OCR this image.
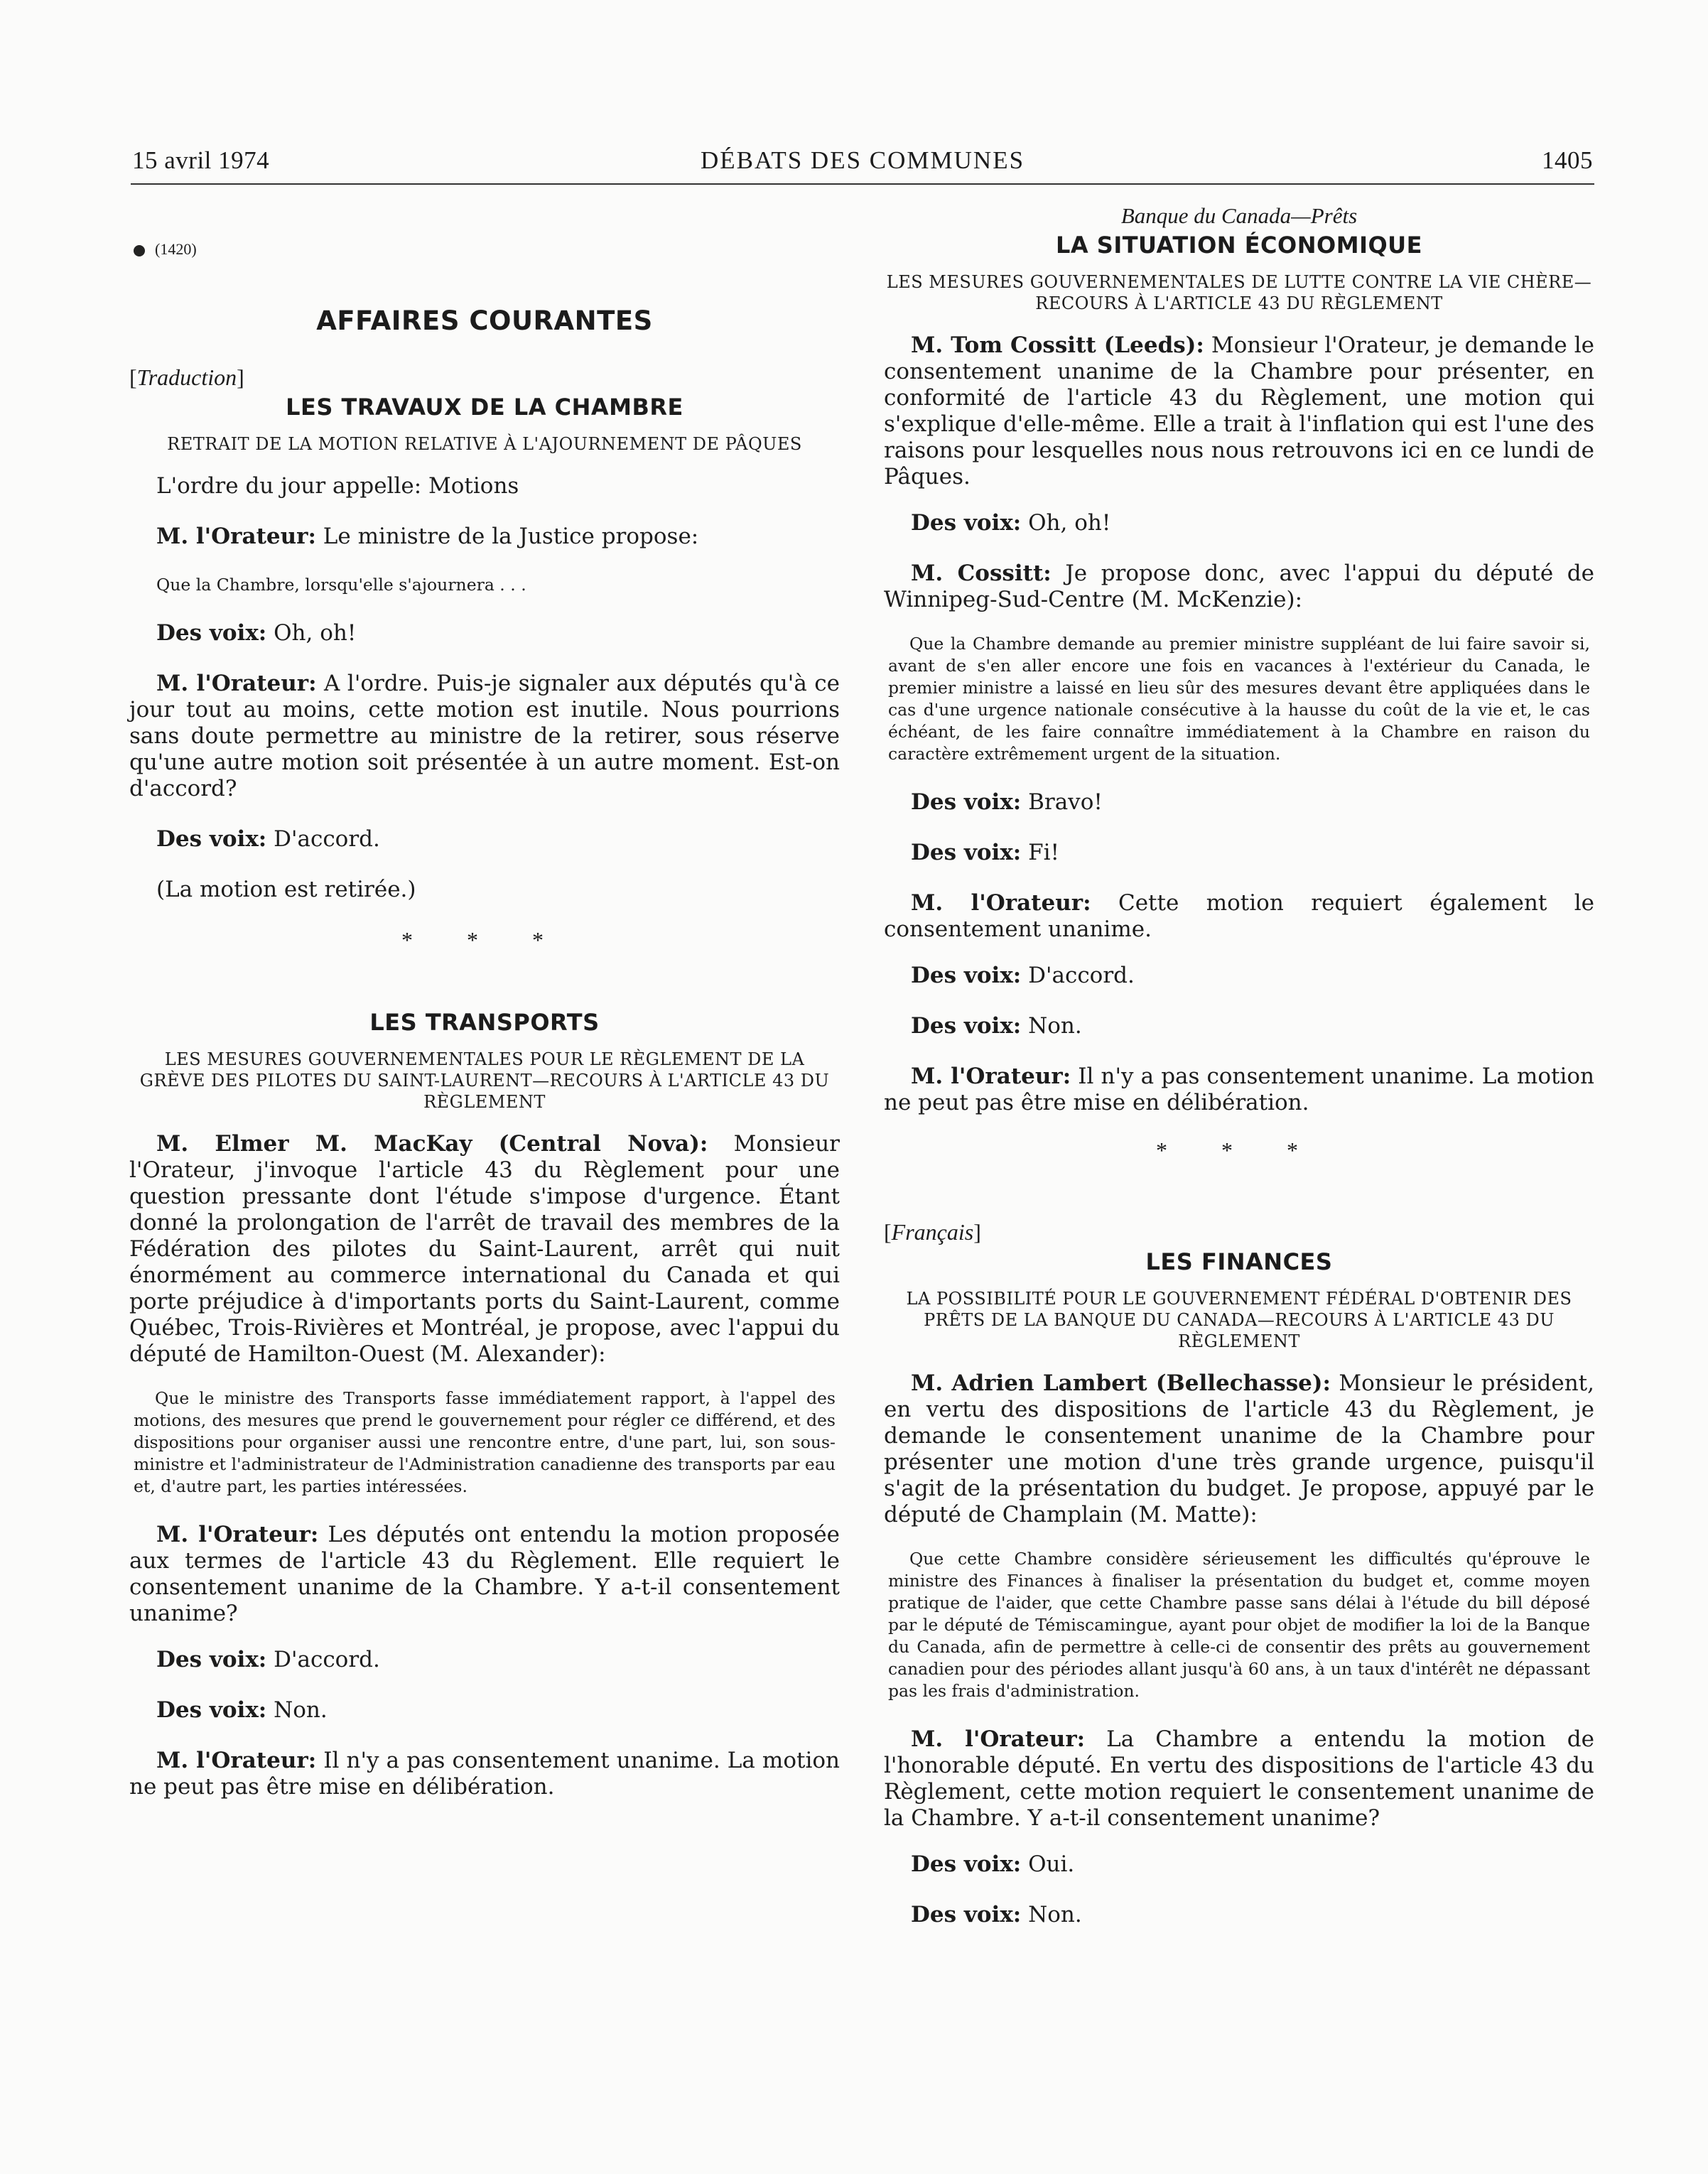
15 avril 1974	DÉBATS DES COMMUNES	1405
(1420)
AFFAIRES COURANTES
[Traduction]
LES TRAVAUX DE LA CHAMBRE
RETRAIT DE LA MOTION RELATIVE À L'AJOURNEMENT DE PÂQUES

L'ordre du jour appelle: Motions

M. l'Orateur: Le ministre de la Justice propose:

Que la Chambre, lorsqu'elle s'ajournera . . .

Des voix: Oh, oh!

M. l'Orateur: A l'ordre. Puis-je signaler aux députés qu'à ce jour tout au moins, cette motion est inutile. Nous pourrions sans doute permettre au ministre de la retirer, sous réserve qu'une autre motion soit présentée à un autre moment. Est-on d'accord?

Des voix: D'accord.

(La motion est retirée.)

* * *
LES TRANSPORTS
LES MESURES GOUVERNEMENTALES POUR LE RÈGLEMENT DE LA GRÈVE DES PILOTES DU SAINT-LAURENT—RECOURS À L'ARTICLE 43 DU RÈGLEMENT

M. Elmer M. MacKay (Central Nova): Monsieur l'Orateur, j'invoque l'article 43 du Règlement pour une question pressante dont l'étude s'impose d'urgence. Étant donné la prolongation de l'arrêt de travail des membres de la Fédération des pilotes du Saint-Laurent, arrêt qui nuit énormément au commerce international du Canada et qui porte préjudice à d'importants ports du Saint-Laurent, comme Québec, Trois-Rivières et Montréal, je propose, avec l'appui du député de Hamilton-Ouest (M. Alexander):

Que le ministre des Transports fasse immédiatement rapport, à l'appel des motions, des mesures que prend le gouvernement pour régler ce différend, et des dispositions pour organiser aussi une rencontre entre, d'une part, lui, son sous-ministre et l'administrateur de l'Administration canadienne des transports par eau et, d'autre part, les parties intéressées.

M. l'Orateur: Les députés ont entendu la motion proposée aux termes de l'article 43 du Règlement. Elle requiert le consentement unanime de la Chambre. Y a-t-il consentement unanime?

Des voix: D'accord.

Des voix: Non.

M. l'Orateur: Il n'y a pas consentement unanime. La motion ne peut pas être mise en délibération.

Banque du Canada—Prêts
LA SITUATION ÉCONOMIQUE
LES MESURES GOUVERNEMENTALES DE LUTTE CONTRE LA VIE CHÈRE—RECOURS À L'ARTICLE 43 DU RÈGLEMENT

M. Tom Cossitt (Leeds): Monsieur l'Orateur, je demande le consentement unanime de la Chambre pour présenter, en conformité de l'article 43 du Règlement, une motion qui s'explique d'elle-même. Elle a trait à l'inflation qui est l'une des raisons pour lesquelles nous nous retrouvons ici en ce lundi de Pâques.

Des voix: Oh, oh!

M. Cossitt: Je propose donc, avec l'appui du député de Winnipeg-Sud-Centre (M. McKenzie):

Que la Chambre demande au premier ministre suppléant de lui faire savoir si, avant de s'en aller encore une fois en vacances à l'extérieur du Canada, le premier ministre a laissé en lieu sûr des mesures devant être appliquées dans le cas d'une urgence nationale consécutive à la hausse du coût de la vie et, le cas échéant, de les faire connaître immédiatement à la Chambre en raison du caractère extrêmement urgent de la situation.

Des voix: Bravo!

Des voix: Fi!

M. l'Orateur: Cette motion requiert également le consentement unanime.

Des voix: D'accord.

Des voix: Non.

M. l'Orateur: Il n'y a pas consentement unanime. La motion ne peut pas être mise en délibération.

* * *
[Français]
LES FINANCES
LA POSSIBILITÉ POUR LE GOUVERNEMENT FÉDÉRAL D'OBTENIR DES PRÊTS DE LA BANQUE DU CANADA—RECOURS À L'ARTICLE 43 DU RÈGLEMENT

M. Adrien Lambert (Bellechasse): Monsieur le président, en vertu des dispositions de l'article 43 du Règlement, je demande le consentement unanime de la Chambre pour présenter une motion d'une très grande urgence, puisqu'il s'agit de la présentation du budget. Je propose, appuyé par le député de Champlain (M. Matte):

Que cette Chambre considère sérieusement les difficultés qu'éprouve le ministre des Finances à finaliser la présentation du budget et, comme moyen pratique de l'aider, que cette Chambre passe sans délai à l'étude du bill déposé par le député de Témiscamingue, ayant pour objet de modifier la loi de la Banque du Canada, afin de permettre à celle-ci de consentir des prêts au gouvernement canadien pour des périodes allant jusqu'à 60 ans, à un taux d'intérêt ne dépassant pas les frais d'administration.

M. l'Orateur: La Chambre a entendu la motion de l'honorable député. En vertu des dispositions de l'article 43 du Règlement, cette motion requiert le consentement unanime de la Chambre. Y a-t-il consentement unanime?

Des voix: Oui.

Des voix: Non.
